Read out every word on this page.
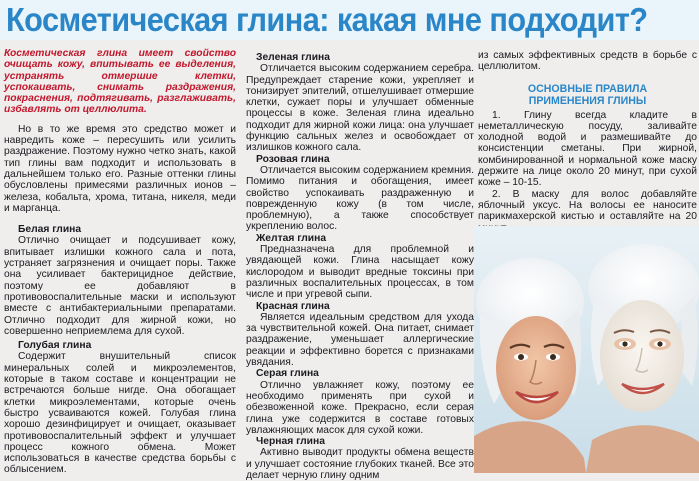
Косметическая глина: какая мне подходит?

Косметическая глина имеет свойство очищать кожу, впитывать ее выделения, устранять отмершие клетки, успокаивать, снимать раздражения, покраснения, подтягивать, разглаживать, избавлять от целлюлита.

Но в то же время это средство может и навредить коже – пересушить или усилить раздражение. Поэтому нужно четко знать, какой тип глины вам подходит и использовать в дальнейшем только его. Разные оттенки глины обусловлены примесями различных ионов – железа, кобальта, хрома, титана, никеля, меди и марганца.

Белая глина

Отлично очищает и подсушивает кожу, впитывает излишки кожного сала и пота, устраняет загрязнения и очищает поры. Также она усиливает бактерицидное действие, поэтому ее добавляют в противовоспалительные маски и используют вместе с антибактериальными препаратами. Отлично подходит для жирной кожи, но совершенно неприемлема для сухой.

Голубая глина

Содержит внушительный список минеральных солей и микроэлементов, которые в таком составе и концентрации не встречаются больше нигде. Она обогащает клетки микроэлементами, которые очень быстро усваиваются кожей. Голубая глина хорошо дезинфицирует и очищает, оказывает противовоспалительный эффект и улучшает процесс кожного обмена. Может использоваться в качестве средства борьбы с облысением.

Зеленая глина

Отличается высоким содержанием серебра. Предупреждает старение кожи, укрепляет и тонизирует эпителий, отшелушивает отмершие клетки, сужает поры и улучшает обменные процессы в коже. Зеленая глина идеально подходит для жирной кожи лица: она улучшает функцию сальных желез и освобождает от излишков кожного сала.

Розовая глина

Отличается высоким содержанием кремния. Помимо питания и обогащения, имеет свойство успокаивать раздраженную и поврежденную кожу (в том числе, проблемную), а также способствует укреплению волос.

Желтая глина

Предназначена для проблемной и увядающей кожи. Глина насыщает кожу кислородом и выводит вредные токсины при различных воспалительных процессах, в том числе и при угревой сыпи.

Красная глина

Является идеальным средством для ухода за чувствительной кожей. Она питает, снимает раздражение, уменьшает аллергические реакции и эффективно борется с признаками увядания.

Серая глина

Отлично увлажняет кожу, поэтому ее необходимо применять при сухой и обезвоженной коже. Прекрасно, если серая глина уже содержится в составе готовых увлажняющих масок для сухой кожи.

Черная глина

Активно выводит продукты обмена веществ и улучшает состояние глубоких тканей. Все это делает черную глину одним

из самых эффективных средств в борьбе с целлюлитом.

ОСНОВНЫЕ ПРАВИЛА
ПРИМЕНЕНИЯ ГЛИНЫ

1. Глину всегда кладите в неметаллическую посуду, заливайте холодной водой и размешивайте до консистенции сметаны. При жирной, комбинированной и нормальной коже маску держите на лице около 20 минут, при сухой коже – 10-15.

2. В маску для волос добавляйте яблочный уксус. На волосы ее наносите парикмахерской кистью и оставляйте на 20
